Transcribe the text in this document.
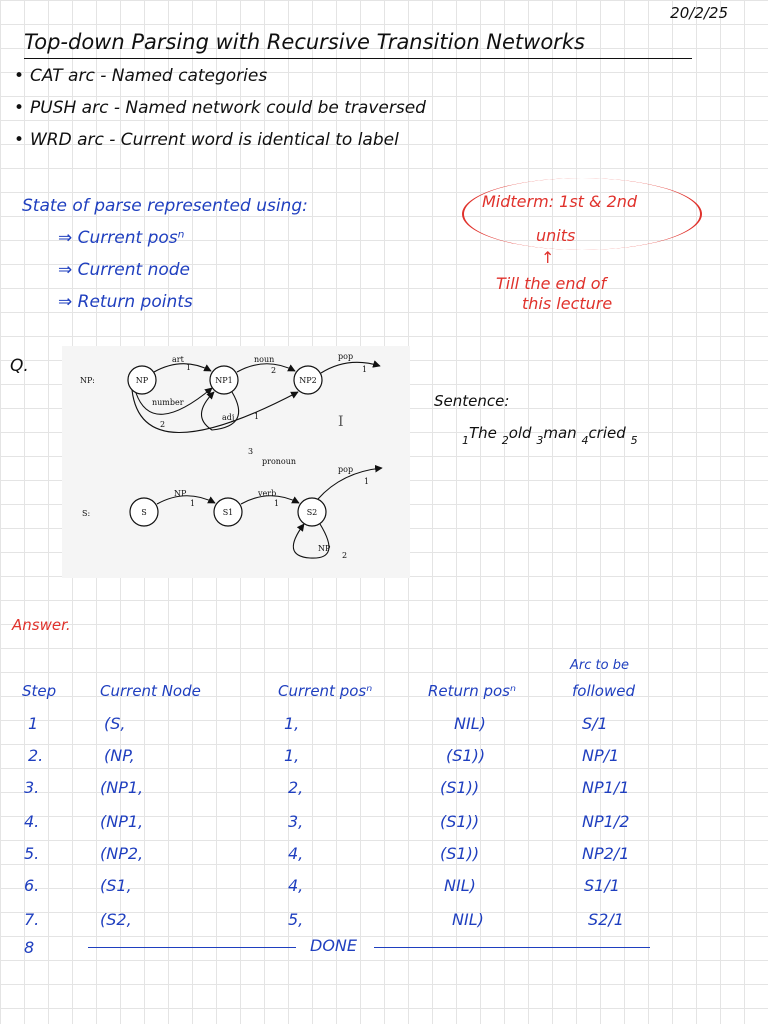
20/2/25
Top-down Parsing with Recursive Transition Networks
• CAT arc - Named categories
• PUSH arc - Named network could be traversed
• WRD arc - Current word is identical to label
State of parse represented using:
⇒ Current posⁿ
⇒ Current node
⇒ Return points
Midterm: 1st & 2nd
units
↑
Till the end of
this lecture
Q.
NP:
S:
NP	NP1	NP2
art
1
noun
2
pop
1
number
2
adj 1
3
pronoun
S	S1	S2
NP
1
verb
1
pop
1
NP
2
I
Sentence:
$_1$The $_2$old $_3$man $_4$cried $_5$
Answer.
Arc to be
Step	Current Node	Current posⁿ	Return posⁿ	followed
1	(S,	1,	NIL)	S/1
2.	(NP,	1,	(S1))	NP/1
3.	(NP1,	2,	(S1))	NP1/1
4.	(NP1,	3,	(S1))	NP1/2
5.	(NP2,	4,	(S1))	NP2/1
6.	(S1,	4,	NIL)	S1/1
7.	(S2,	5,	NIL)	S2/1
8	DONE
